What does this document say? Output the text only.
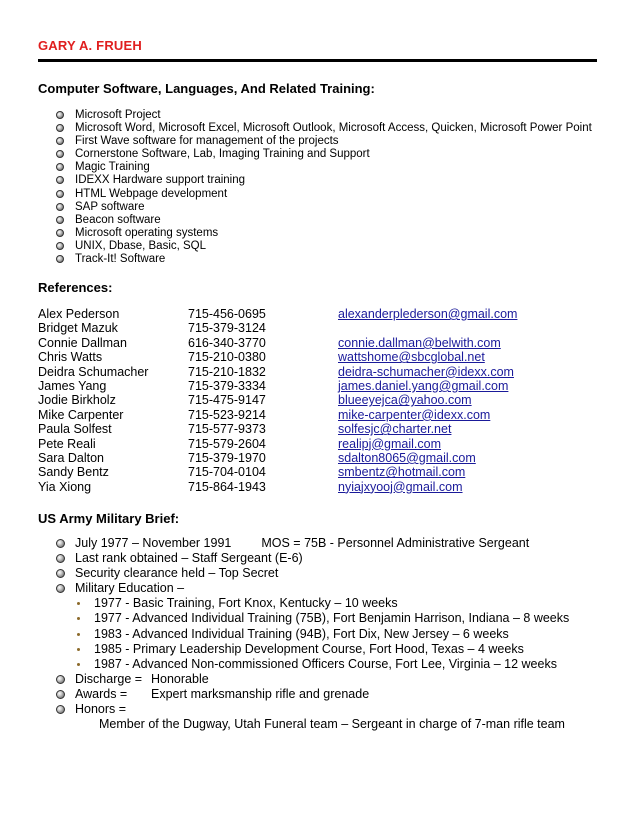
GARY A. FRUEH
Computer Software, Languages, And Related Training:
Microsoft Project
Microsoft Word, Microsoft Excel, Microsoft Outlook, Microsoft Access, Quicken, Microsoft Power Point
First Wave software for management of the projects
Cornerstone Software, Lab, Imaging Training and Support
Magic Training
IDEXX Hardware support training
HTML Webpage development
SAP software
Beacon software
Microsoft operating systems
UNIX, Dbase, Basic, SQL
Track-It! Software
References:
Alex Pederson	715-456-0695	alexanderplederson@gmail.com
Bridget Mazuk	715-379-3124
Connie Dallman	616-340-3770	connie.dallman@belwith.com
Chris Watts	715-210-0380	wattshome@sbcglobal.net
Deidra Schumacher	715-210-1832	deidra-schumacher@idexx.com
James Yang	715-379-3334	james.daniel.yang@gmail.com
Jodie Birkholz	715-475-9147	blueeyejca@yahoo.com
Mike Carpenter	715-523-9214	mike-carpenter@idexx.com
Paula Solfest	715-577-9373	solfesjc@charter.net
Pete Reali	715-579-2604	realipj@gmail.com
Sara Dalton	715-379-1970	sdalton8065@gmail.com
Sandy Bentz	715-704-0104	smbentz@hotmail.com
Yia Xiong	715-864-1943	nyiajxyooj@gmail.com
US Army Military Brief:
July 1977 – November 1991 MOS = 75B - Personnel Administrative Sergeant
Last rank obtained – Staff Sergeant (E-6)
Security clearance held – Top Secret
Military Education –
1977 - Basic Training, Fort Knox, Kentucky – 10 weeks
1977 - Advanced Individual Training (75B), Fort Benjamin Harrison, Indiana – 8 weeks
1983 - Advanced Individual Training (94B), Fort Dix, New Jersey – 6 weeks
1985 - Primary Leadership Development Course, Fort Hood, Texas – 4 weeks
1987 - Advanced Non-commissioned Officers Course, Fort Lee, Virginia – 12 weeks
Discharge = Honorable
Awards = Expert marksmanship rifle and grenade
Honors =Member of the Dugway, Utah Funeral team – Sergeant in charge of 7-man rifle team
